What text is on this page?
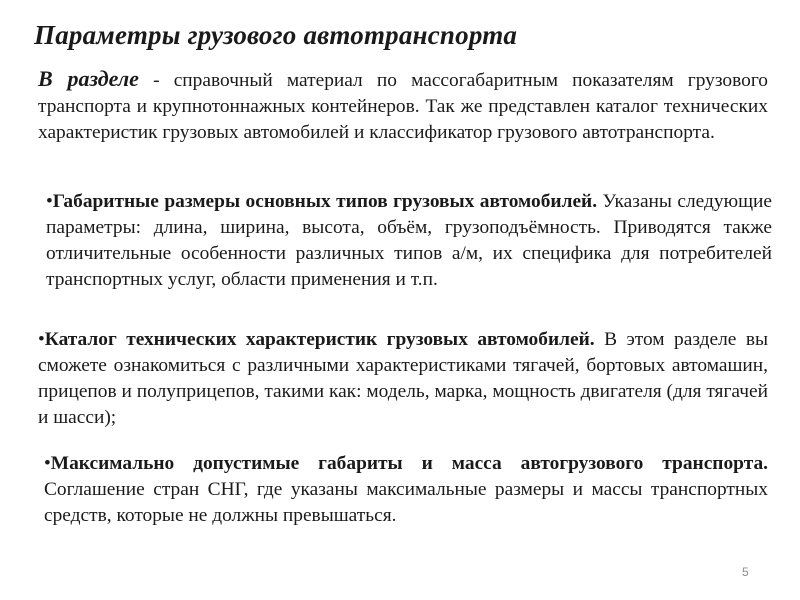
Параметры грузового автотранспорта

В разделе - справочный материал по массогабаритным показателям грузового транспорта и крупнотоннажных контейнеров. Так же представлен каталог технических характеристик грузовых автомобилей и классификатор грузового автотранспорта.

•Габаритные размеры основных типов грузовых автомобилей. Указаны следующие параметры: длина, ширина, высота, объём, грузоподъёмность. Приводятся также отличительные особенности различных типов а/м, их специфика для потребителей транспортных услуг, области применения и т.п.

•Каталог технических характеристик грузовых автомобилей. В этом разделе вы сможете ознакомиться с различными характеристиками тягачей, бортовых автомашин, прицепов и полуприцепов, такими как: модель, марка, мощность двигателя (для тягачей и шасси);

•Максимально допустимые габариты и масса автогрузового транспорта. Соглашение стран СНГ, где указаны максимальные размеры и массы транспортных средств, которые не должны превышаться.

5
